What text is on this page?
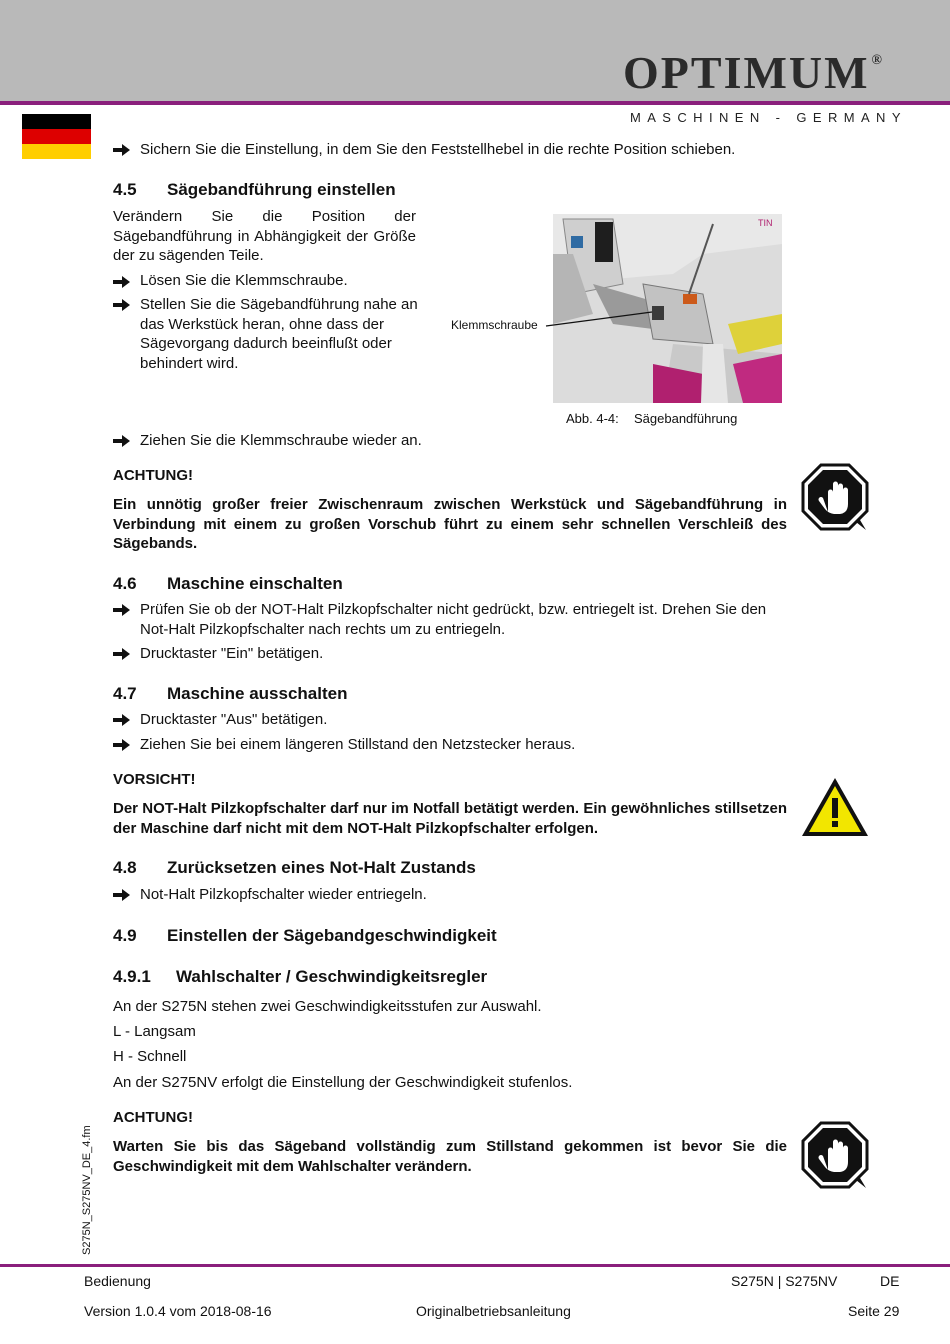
OPTIMUM ®
MASCHINEN - GERMANY
Sichern Sie die Einstellung, in dem Sie den Feststellhebel in die rechte Position schieben.
4.5 Sägebandführung einstellen
Verändern Sie die Position der Sägebandführung in Abhängigkeit der Größe der zu sägenden Teile.
Lösen Sie die Klemmschraube.
Stellen Sie die Sägebandführung nahe an das Werkstück heran, ohne dass der Sägevorgang dadurch beeinflußt oder behindert wird.
TIN
Klemmschraube
Abb. 4-4: Sägebandführung
Ziehen Sie die Klemmschraube wieder an.
ACHTUNG!
Ein unnötig großer freier Zwischenraum zwischen Werkstück und Sägebandführung in Verbindung mit einem zu großen Vorschub führt zu einem sehr schnellen Verschleiß des Sägebands.
4.6 Maschine einschalten
Prüfen Sie ob der NOT-Halt Pilzkopfschalter nicht gedrückt, bzw. entriegelt ist. Drehen Sie den Not-Halt Pilzkopfschalter nach rechts um zu entriegeln.
Drucktaster "Ein" betätigen.
4.7 Maschine ausschalten
Drucktaster "Aus" betätigen.
Ziehen Sie bei einem längeren Stillstand den Netzstecker heraus.
VORSICHT!
Der NOT-Halt Pilzkopfschalter darf nur im Notfall betätigt werden. Ein gewöhnliches stillsetzen der Maschine darf nicht mit dem NOT-Halt Pilzkopfschalter erfolgen.
4.8 Zurücksetzen eines Not-Halt Zustands
Not-Halt Pilzkopfschalter wieder entriegeln.
4.9 Einstellen der Sägebandgeschwindigkeit
4.9.1 Wahlschalter / Geschwindigkeitsregler
An der S275N stehen zwei Geschwindigkeitsstufen zur Auswahl.
L - Langsam
H - Schnell
An der S275NV erfolgt die Einstellung der Geschwindigkeit stufenlos.
ACHTUNG!
Warten Sie bis das Sägeband vollständig zum Stillstand gekommen ist bevor Sie die Geschwindigkeit mit dem Wahlschalter verändern.
S275N_S275NV_DE_4.fm
Bedienung	S275N | S275NV	DE
Version 1.0.4 vom 2018-08-16	Originalbetriebsanleitung	Seite 29
